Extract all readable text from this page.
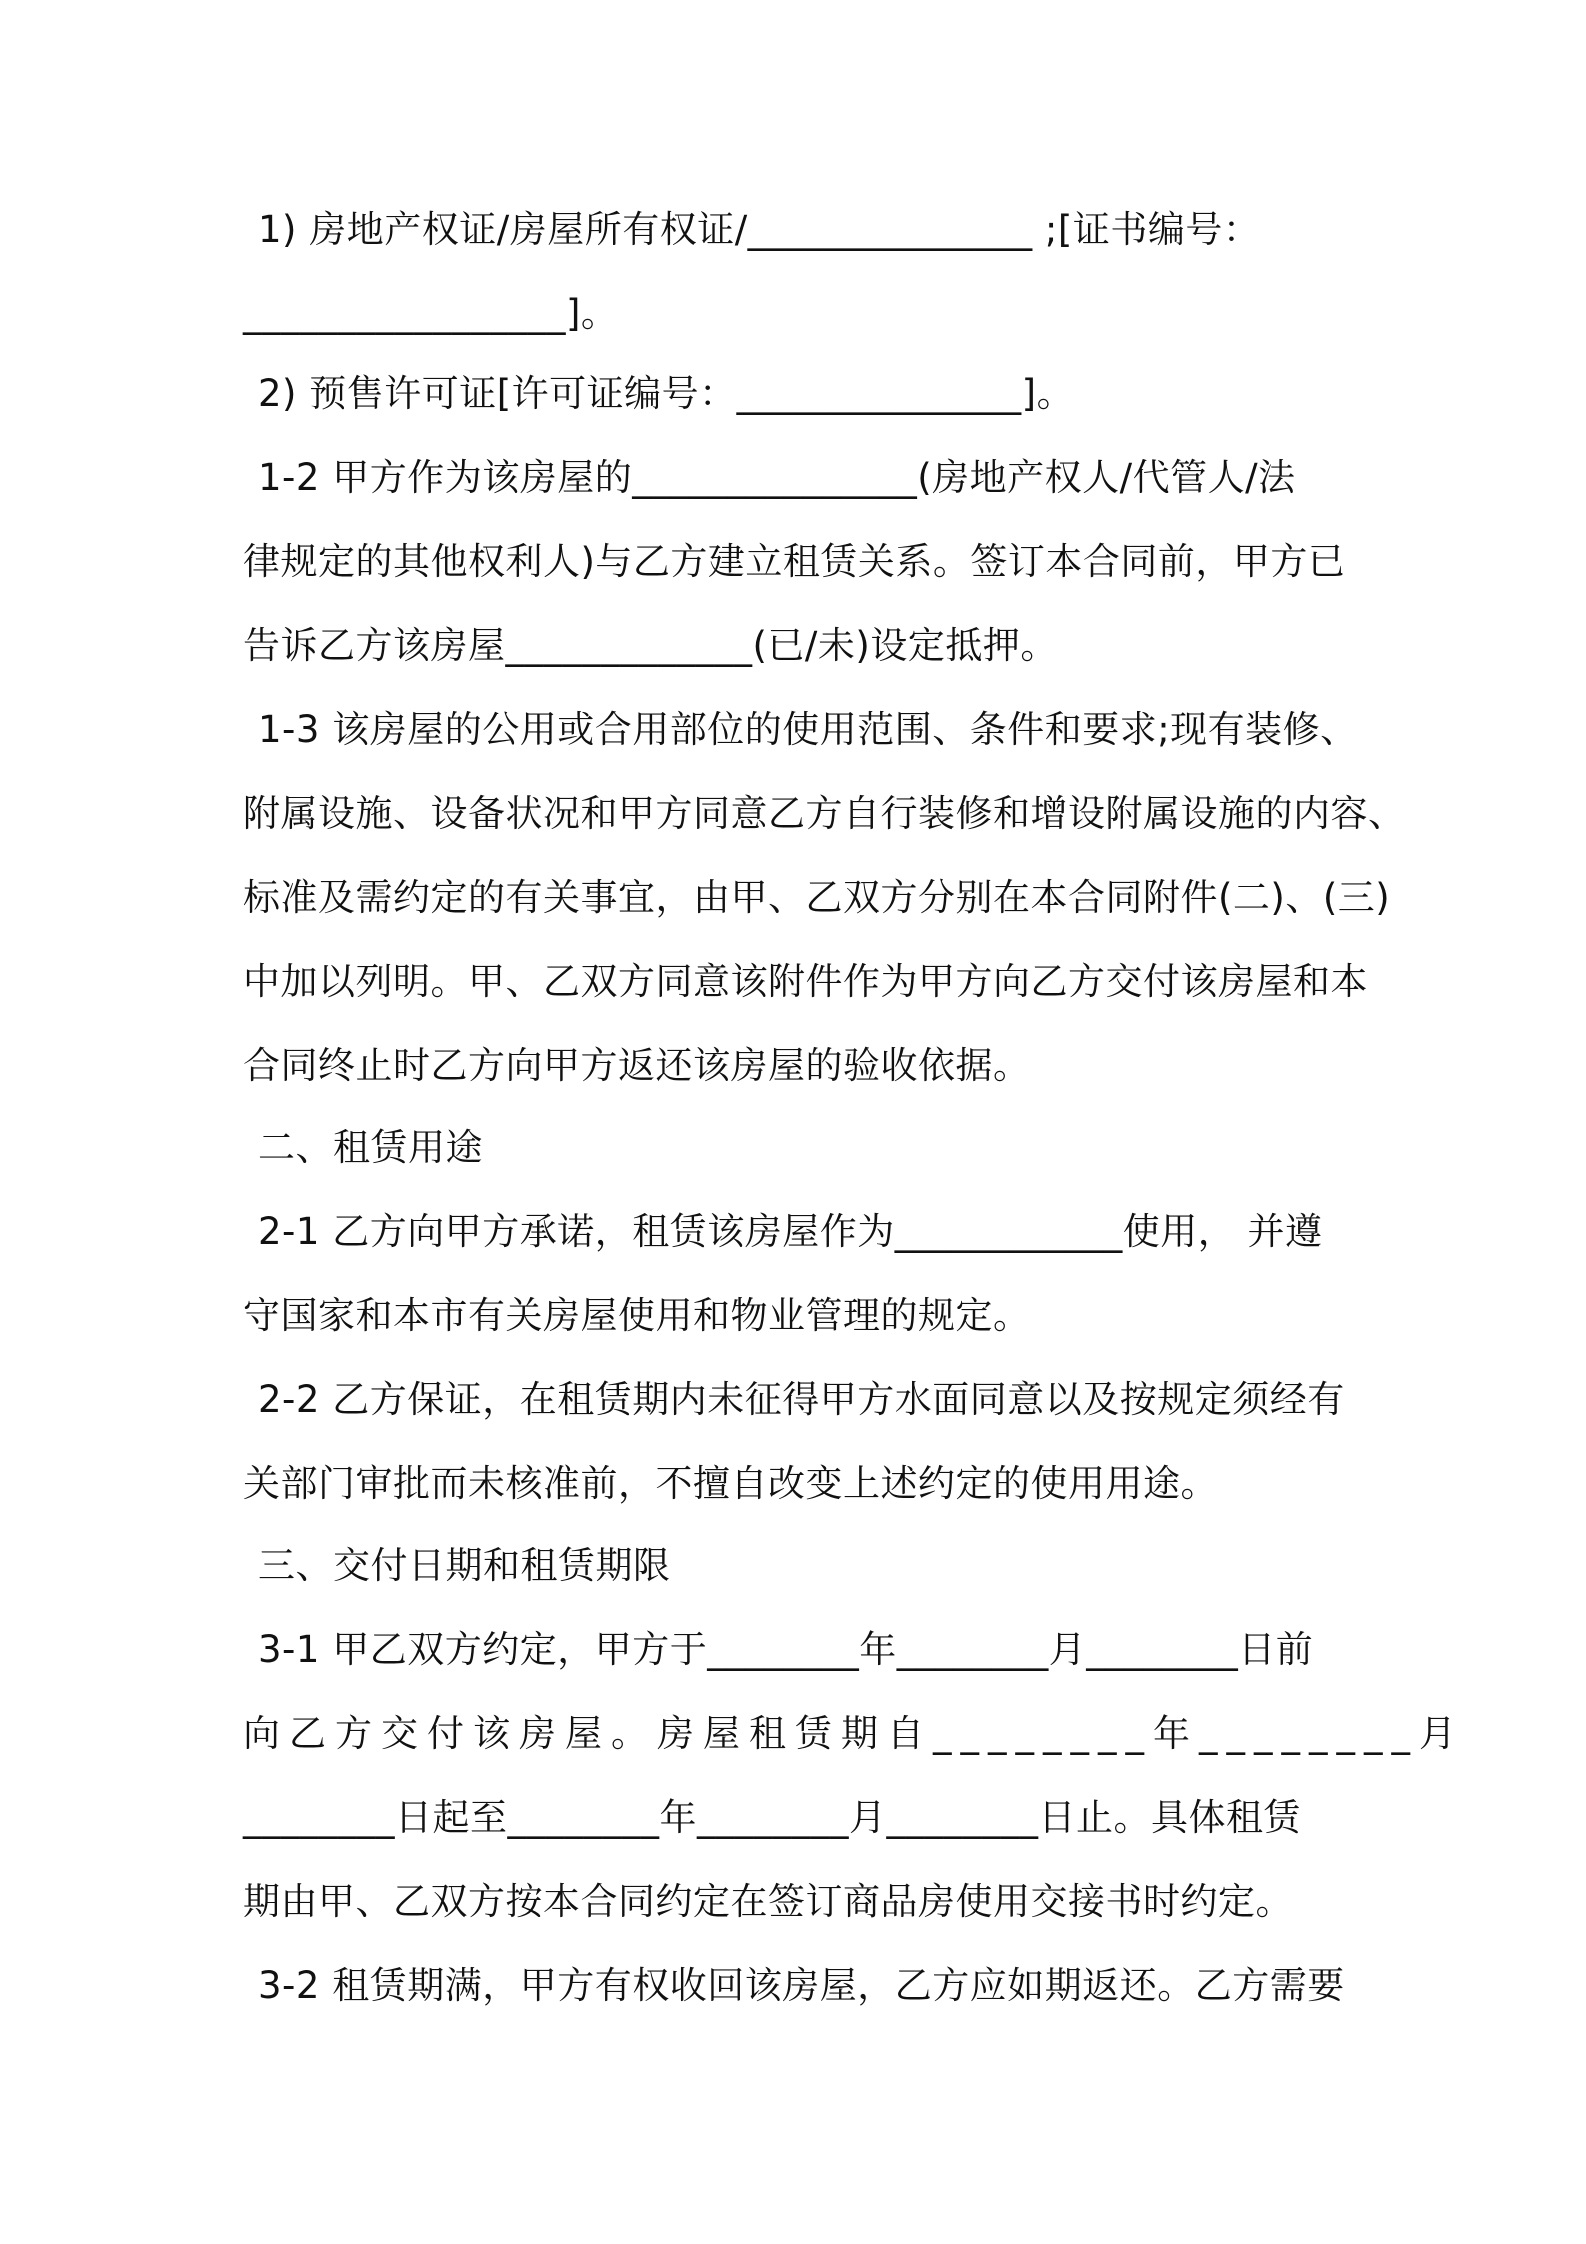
1) 房地产权证/房屋所有权证/_______________ ;[证书编号：
_________________]。
2) 预售许可证[许可证编号：_______________]。
1-2 甲方作为该房屋的_______________(房地产权人/代管人/法
律规定的其他权利人)与乙方建立租赁关系。签订本合同前，甲方已
告诉乙方该房屋_____________(已/未)设定抵押。
1-3 该房屋的公用或合用部位的使用范围、条件和要求;现有装修、
附属设施、设备状况和甲方同意乙方自行装修和增设附属设施的内容、
标准及需约定的有关事宜，由甲、乙双方分别在本合同附件(二)、(三)
中加以列明。甲、乙双方同意该附件作为甲方向乙方交付该房屋和本
合同终止时乙方向甲方返还该房屋的验收依据。
二、租赁用途
2-1 乙方向甲方承诺，租赁该房屋作为____________使用， 并遵
守国家和本市有关房屋使用和物业管理的规定。
2-2 乙方保证，在租赁期内未征得甲方水面同意以及按规定须经有
关部门审批而未核准前，不擅自改变上述约定的使用用途。
三、交付日期和租赁期限
3-1 甲乙双方约定，甲方于________年________月________日前
向乙方交付该房屋。房屋租赁期自________年________月
________日起至________年________月________日止。具体租赁
期由甲、乙双方按本合同约定在签订商品房使用交接书时约定。
3-2 租赁期满，甲方有权收回该房屋，乙方应如期返还。乙方需要
